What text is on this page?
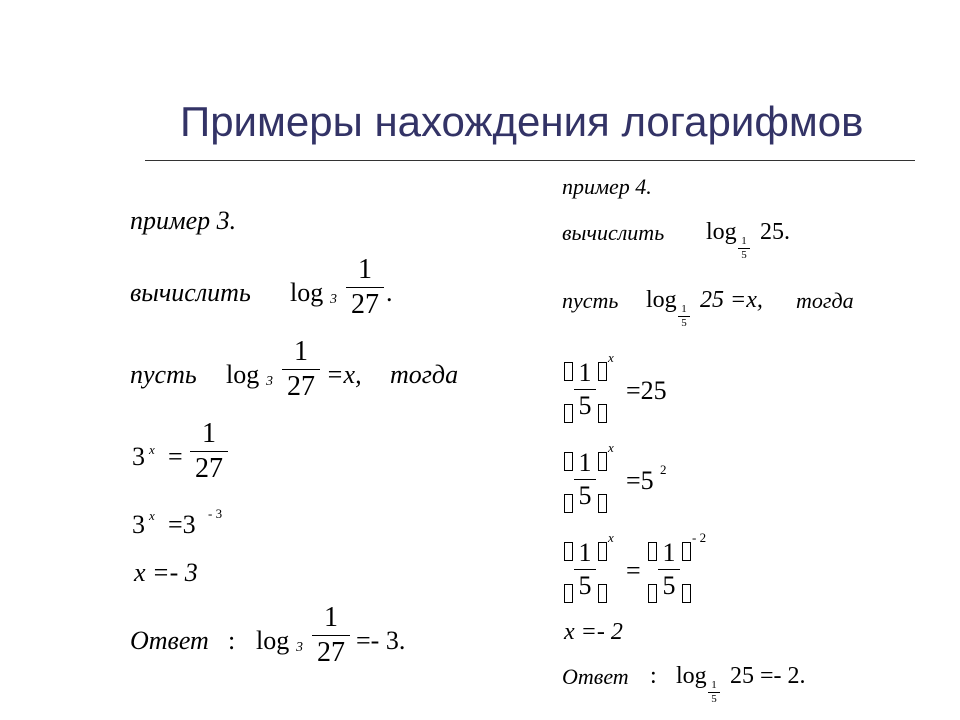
Примеры нахождения логарифмов
пример 3.
вычислить log 3
1
27 .
пусть log 3
1
27 =x, тогда
3 x =
1
27
3 x =3 - 3
x =- 3
Ответ : log 3
1
27 =- 3.
пример 4.
вычислить log 1
5
25.
пусть log 1
5
25 =x, тогда
1
5
x
=25
1
5
x
=5 2
1
5
x
=
1
5
- 2
x =- 2
Ответ : log 1
5
25 =- 2.
